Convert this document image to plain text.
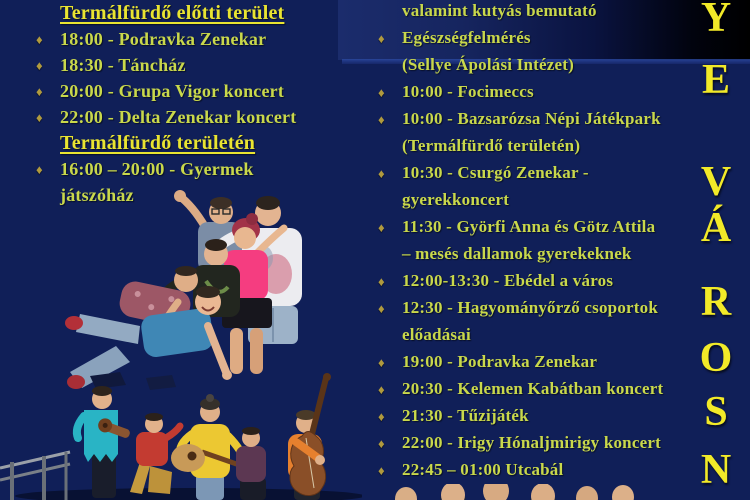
Termálfürdő előtti terület
♦ 18:00 - Podravka Zenekar
♦ 18:30 - Táncház
♦ 20:00 - Grupa Vigor koncert
♦ 22:00 - Delta Zenekar koncert
Termálfürdő területén
♦ 16:00 – 20:00 - Gyermek
játszóház
valamint kutyás bemutató
♦	Egészségfelmérés
(Sellye Ápolási Intézet)
♦	10:00 - Focimeccs
♦	10:00 - Bazsarózsa Népi Játékpark
(Termálfürdő területén)
♦	10:30 - Csurgó Zenekar -
gyerekkoncert
♦	11:30 - Györfi Anna és Götz Attila
– mesés dallamok gyerekeknek
♦	12:00-13:30 - Ebédel a város
♦	12:30 - Hagyományőrző csoportok
előadásai
♦	19:00 - Podravka Zenekar
♦	20:30 - Kelemen Kabátban koncert
♦	21:30 - Tűzijáték
♦	22:00 - Irigy Hónaljmirigy koncert
♦	22:45 – 01:00 Utcabál
Y
E
V
Á
R
O
S
N
